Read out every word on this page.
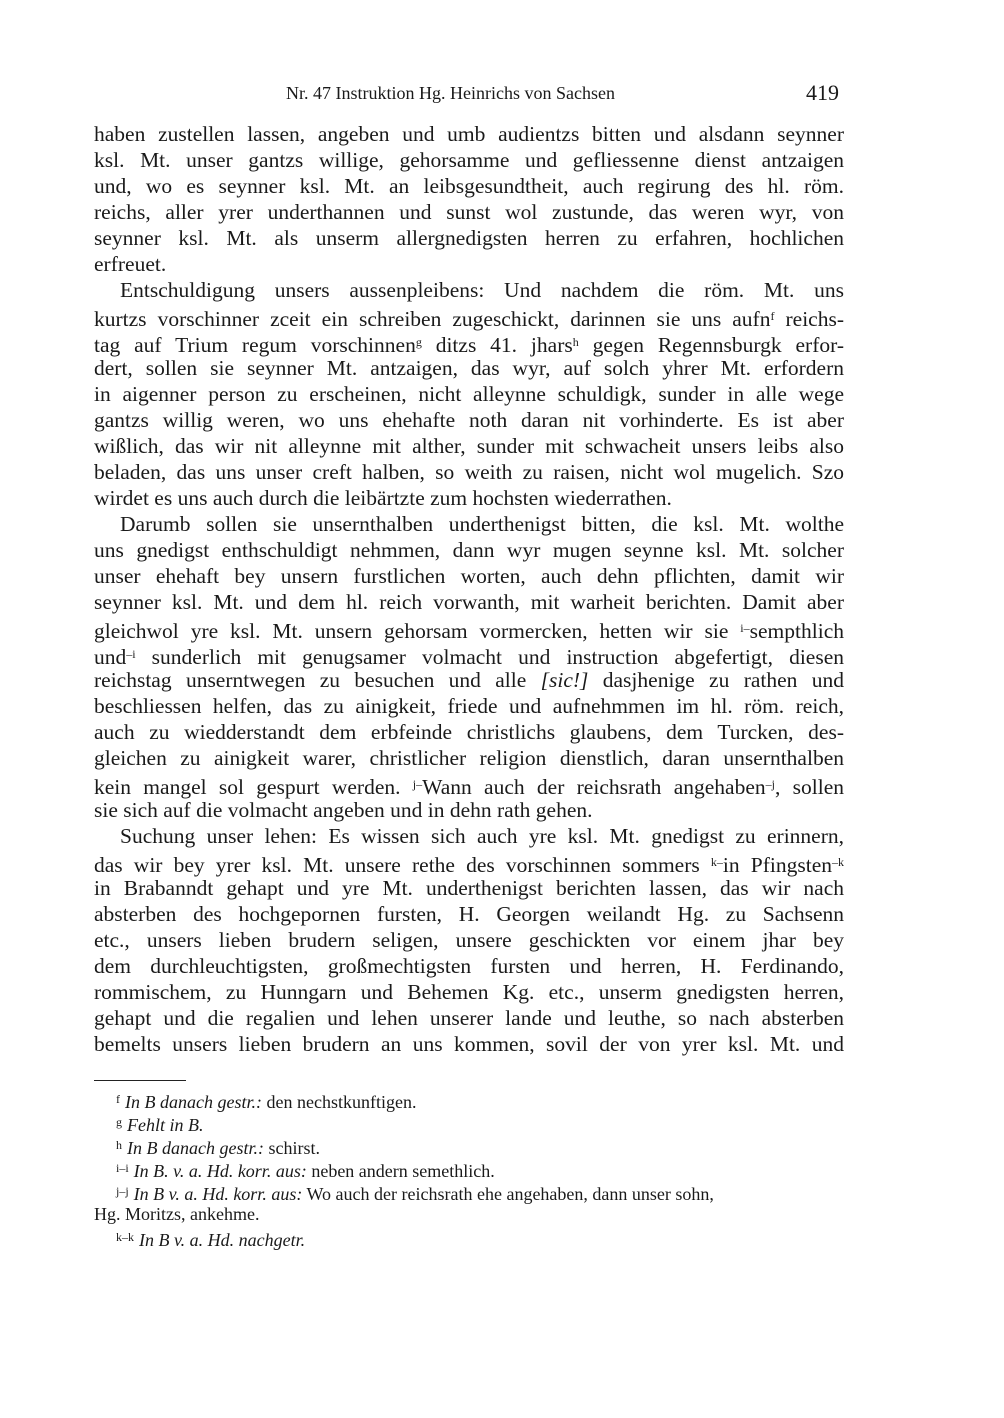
Nr. 47 Instruktion Hg. Heinrichs von Sachsen	419
haben zustellen lassen, angeben und umb audientzs bitten und alsdann seynner
ksl. Mt. unser gantzs willige, gehorsamme und gefliessenne dienst antzaigen
und, wo es seynner ksl. Mt. an leibsgesundtheit, auch regirung des hl. röm.
reichs, aller yrer underthannen und sunst wol zustunde, das weren wyr, von
seynner ksl. Mt. als unserm allergnedigsten herren zu erfahren, hochlichen
erfreuet.
Entschuldigung unsers aussenpleibens: Und nachdem die röm. Mt. uns
kurtzs vorschinner zceit ein schreiben zugeschickt, darinnen sie uns aufn$^f$ reichs-
tag auf Trium regum vorschinnen$^g$ ditzs 41. jhars$^h$ gegen Regennsburgk erfor-
dert, sollen sie seynner Mt. antzaigen, das wyr, auf solch yhrer Mt. erfordern
in aigenner person zu erscheinen, nicht alleynne schuldigk, sunder in alle wege
gantzs willig weren, wo uns ehehafte noth daran nit vorhinderte. Es ist aber
wißlich, das wir nit alleynne mit alther, sunder mit schwacheit unsers leibs also
beladen, das uns unser creft halben, so weith zu raisen, nicht wol mugelich. Szo
wirdet es uns auch durch die leibärtzte zum hochsten wiederrathen.
Darumb sollen sie unsernthalben underthenigst bitten, die ksl. Mt. wolthe
uns gnedigst enthschuldigt nehmmen, dann wyr mugen seynne ksl. Mt. solcher
unser ehehaft bey unsern furstlichen worten, auch dehn pflichten, damit wir
seynner ksl. Mt. und dem hl. reich vorwanth, mit warheit berichten. Damit aber
gleichwol yre ksl. Mt. unsern gehorsam vormercken, hetten wir sie $^{i-}$sempthlich
und$^{-i}$ sunderlich mit genugsamer volmacht und instruction abgefertigt, diesen
reichstag unserntwegen zu besuchen und alle [sic!] dasjhenige zu rathen und
beschliessen helfen, das zu ainigkeit, friede und aufnehmmen im hl. röm. reich,
auch zu wiedderstandt dem erbfeinde christlichs glaubens, dem Turcken, des-
gleichen zu ainigkeit warer, christlicher religion dienstlich, daran unsernthalben
kein mangel sol gespurt werden. $^{j-}$Wann auch der reichsrath angehaben$^{-j}$, sollen
sie sich auf die volmacht angeben und in dehn rath gehen.
Suchung unser lehen: Es wissen sich auch yre ksl. Mt. gnedigst zu erinnern,
das wir bey yrer ksl. Mt. unsere rethe des vorschinnen sommers $^{k-}$in Pfingsten$^{-k}$
in Brabanndt gehapt und yre Mt. underthenigst berichten lassen, das wir nach
absterben des hochgepornen fursten, H. Georgen weilandt Hg. zu Sachsenn
etc., unsers lieben brudern seligen, unsere geschickten vor einem jhar bey
dem durchleuchtigsten, großmechtigsten fursten und herren, H. Ferdinando,
rommischem, zu Hunngarn und Behemen Kg. etc., unserm gnedigsten herren,
gehapt und die regalien und lehen unserer lande und leuthe, so nach absterben
bemelts unsers lieben brudern an uns kommen, sovil der von yrer ksl. Mt. und
$^f$ In B danach gestr.: den nechstkunftigen.
$^g$ Fehlt in B.
$^h$ In B danach gestr.: schirst.
$^{i-i}$ In B. v. a. Hd. korr. aus: neben andern semethlich.
$^{j-j}$ In B v. a. Hd. korr. aus: Wo auch der reichsrath ehe angehaben, dann unser sohn,
Hg. Moritzs, ankehme.
$^{k-k}$ In B v. a. Hd. nachgetr.
